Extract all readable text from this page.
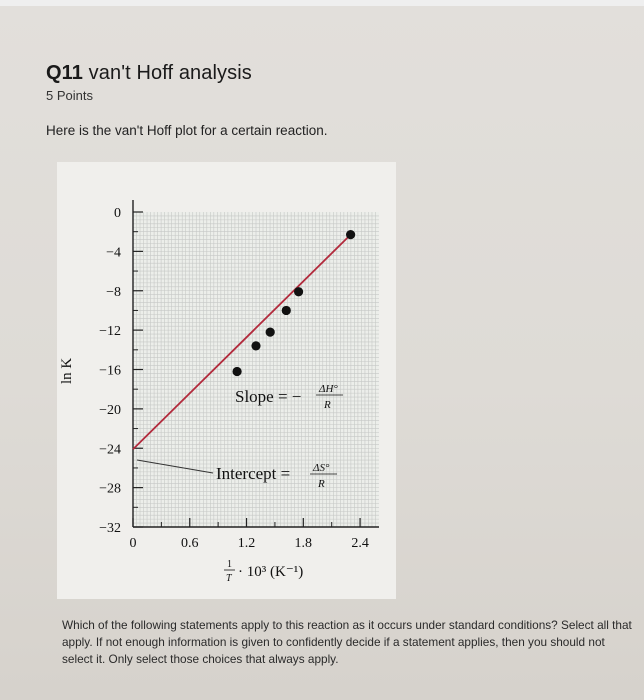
Q11 van't Hoff analysis
5 Points
Here is the van't Hoff plot for a certain reaction.
0
−4
−8
−12
−16
−20
−24
−28
−32
0	0.6	1.2	1.8	2.4
Slope = − ΔH°
R
Intercept = ΔS°
R
ln K
1
T · 10³ (K⁻¹)
Which of the following statements apply to this reaction as it occurs under standard conditions? Select all that apply. If not enough information is given to confidently decide if a statement applies, then you should not select it. Only select those choices that always apply.
